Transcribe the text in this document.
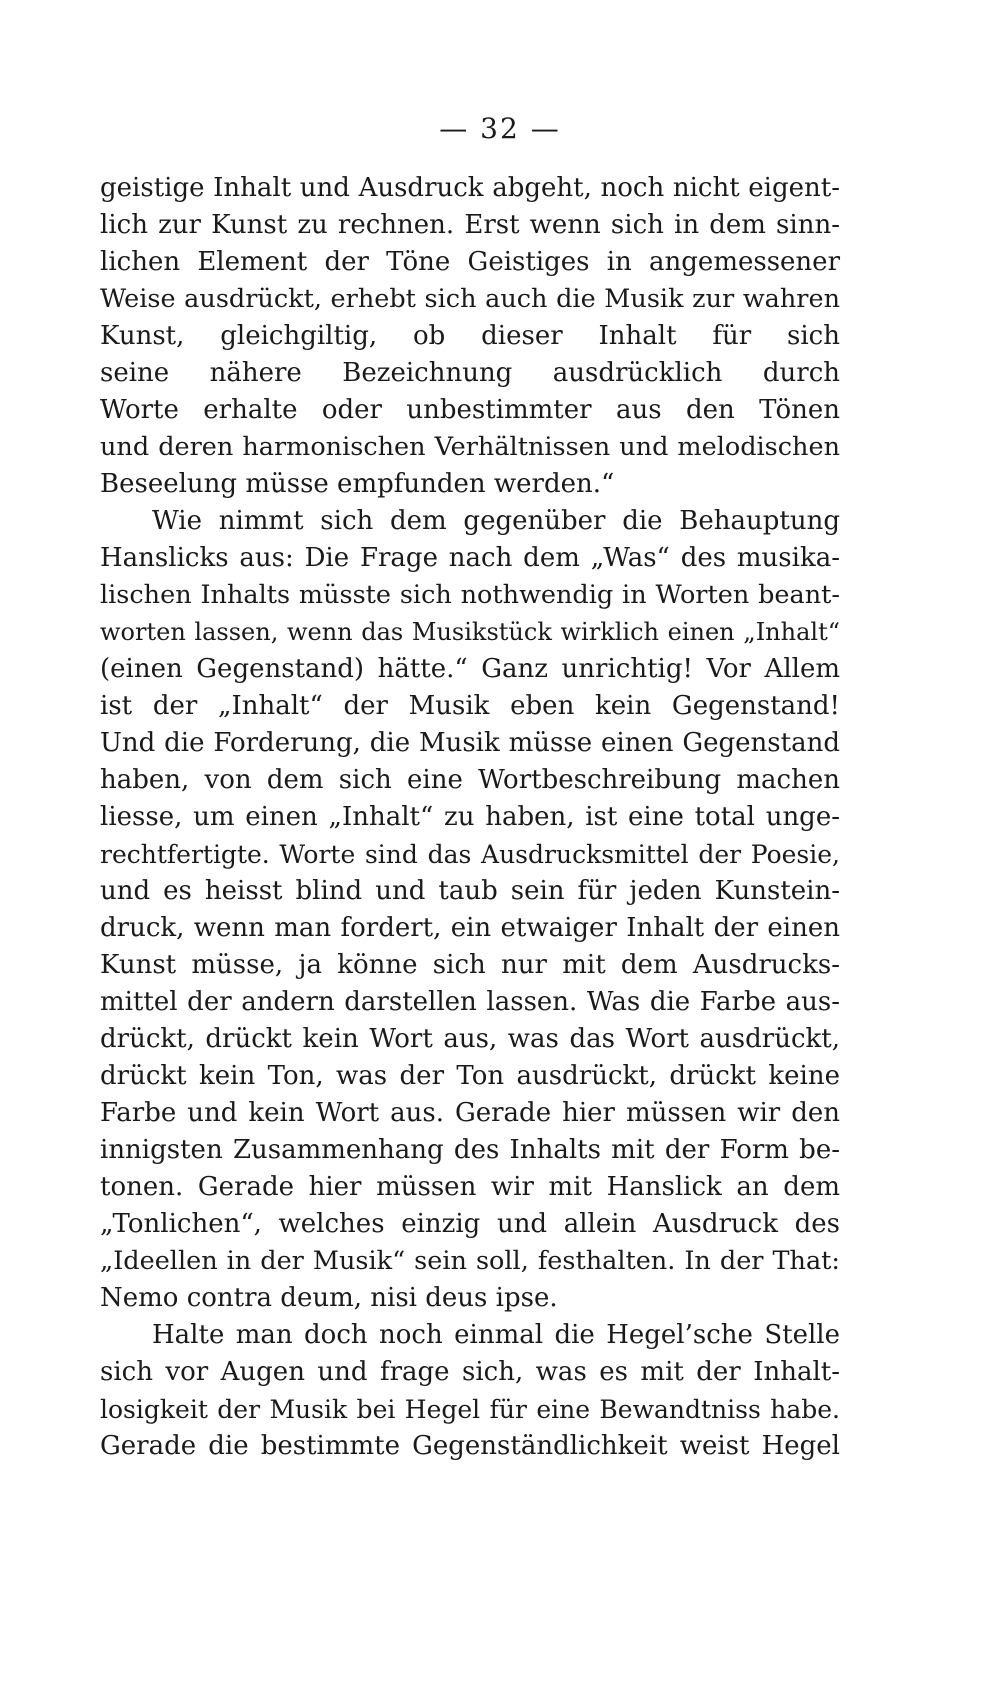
— 32 —
geistige Inhalt und Ausdruck abgeht, noch nicht eigent-
lich zur Kunst zu rechnen. Erst wenn sich in dem sinn-
lichen Element der Töne Geistiges in angemessener
Weise ausdrückt, erhebt sich auch die Musik zur wahren
Kunst, gleichgiltig, ob dieser Inhalt für sich
seine nähere Bezeichnung ausdrücklich durch
Worte erhalte oder unbestimmter aus den Tönen
und deren harmonischen Verhältnissen und melodischen
Beseelung müsse empfunden werden.“
Wie nimmt sich dem gegenüber die Behauptung
Hanslicks aus: Die Frage nach dem „Was“ des musika-
lischen Inhalts müsste sich nothwendig in Worten beant-
worten lassen, wenn das Musikstück wirklich einen „Inhalt“
(einen Gegenstand) hätte.“ Ganz unrichtig! Vor Allem
ist der „Inhalt“ der Musik eben kein Gegenstand!
Und die Forderung, die Musik müsse einen Gegenstand
haben, von dem sich eine Wortbeschreibung machen
liesse, um einen „Inhalt“ zu haben, ist eine total unge-
rechtfertigte. Worte sind das Ausdrucksmittel der Poesie,
und es heisst blind und taub sein für jeden Kunstein-
druck, wenn man fordert, ein etwaiger Inhalt der einen
Kunst müsse, ja könne sich nur mit dem Ausdrucks-
mittel der andern darstellen lassen. Was die Farbe aus-
drückt, drückt kein Wort aus, was das Wort ausdrückt,
drückt kein Ton, was der Ton ausdrückt, drückt keine
Farbe und kein Wort aus. Gerade hier müssen wir den
innigsten Zusammenhang des Inhalts mit der Form be-
tonen. Gerade hier müssen wir mit Hanslick an dem
„Tonlichen“, welches einzig und allein Ausdruck des
„Ideellen in der Musik“ sein soll, festhalten. In der That:
Nemo contra deum, nisi deus ipse.
Halte man doch noch einmal die Hegel’sche Stelle
sich vor Augen und frage sich, was es mit der Inhalt-
losigkeit der Musik bei Hegel für eine Bewandtniss habe.
Gerade die bestimmte Gegenständlichkeit weist Hegel
